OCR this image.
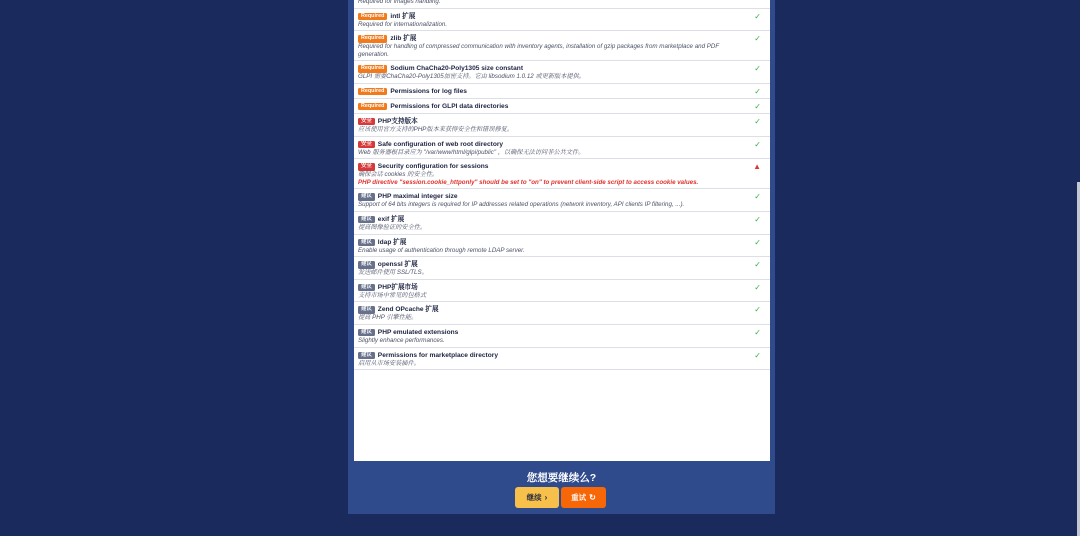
Required for images handling.
Required intl 扩展
Required for internationalization.
✓
Required zlib 扩展
Required for handling of compressed communication with inventory agents, installation of gzip packages from marketplace and PDF generation.
✓
Required Sodium ChaCha20-Poly1305 size constant
GLPI 需要ChaCha20-Poly1305加密支持。它由 libsodium 1.0.12 或更新版本提供。
✓
Required Permissions for log files	✓
Required Permissions for GLPI data directories	✓
安全 PHP支持版本
应该使用官方支持的PHP版本来获得安全性和错误修复。
✓
安全 Safe configuration of web root directory
Web 服务器根目录应为 "/var/www/html/glpi/public" ，以确保无法访问非公共文件。
✓
安全 Security configuration for sessions
确保会话 cookies 的安全性。
PHP directive "session.cookie_httponly" should be set to "on" to prevent client-side script to access cookie values.
▲
建议 PHP maximal integer size
Support of 64 bits integers is required for IP addresses related operations (network inventory, API clients IP filtering, ...).
✓
建议 exif 扩展
提高图像验证的安全性。
✓
建议 ldap 扩展
Enable usage of authentication through remote LDAP server.
✓
建议 openssl 扩展
发送邮件使用 SSL/TLS。
✓
建议 PHP扩展市场
支持市场中常见的包格式
✓
建议 Zend OPcache 扩展
提高 PHP 引擎性能。
✓
建议 PHP emulated extensions
Slightly enhance performances.
✓
建议 Permissions for marketplace directory
启用从市场安装插件。
✓
您想要继续么?
继续 ›	重试 ↻
